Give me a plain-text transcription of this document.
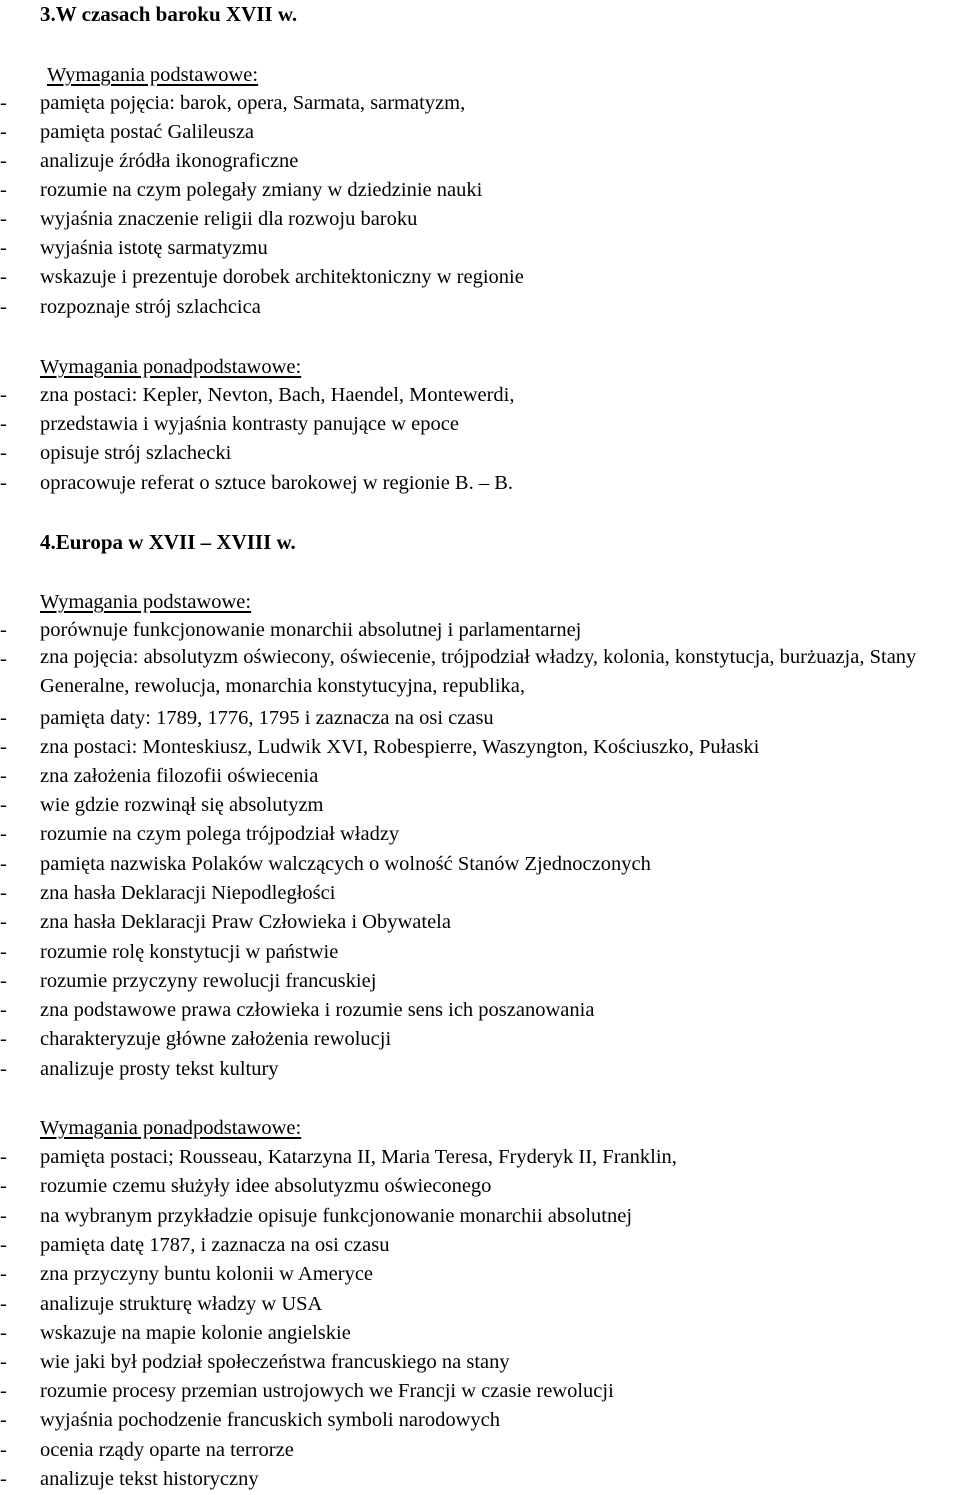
3.W czasach baroku XVII w.
Wymagania podstawowe:
- pamięta pojęcia: barok, opera, Sarmata, sarmatyzm,
- pamięta postać Galileusza
- analizuje źródła ikonograficzne
- rozumie na czym polegały zmiany w dziedzinie nauki
- wyjaśnia znaczenie religii dla rozwoju baroku
- wyjaśnia istotę sarmatyzmu
- wskazuje i prezentuje dorobek architektoniczny w regionie
- rozpoznaje strój szlachcica
Wymagania ponadpodstawowe:
- zna postaci: Kepler, Nevton, Bach, Haendel, Montewerdi,
- przedstawia i wyjaśnia kontrasty panujące w epoce
- opisuje strój szlachecki
- opracowuje referat o sztuce barokowej w regionie B. – B.
4.Europa w XVII – XVIII w.
Wymagania podstawowe:
- porównuje funkcjonowanie monarchii absolutnej i parlamentarnej
- zna pojęcia: absolutyzm oświecony, oświecenie, trójpodział władzy, kolonia, konstytucja, burżuazja, Stany Generalne, rewolucja, monarchia konstytucyjna, republika,
- pamięta daty: 1789, 1776, 1795 i zaznacza na osi czasu
- zna postaci: Monteskiusz, Ludwik XVI, Robespierre, Waszyngton, Kościuszko, Pułaski
- zna założenia filozofii oświecenia
- wie gdzie rozwinął się absolutyzm
- rozumie na czym polega trójpodział władzy
- pamięta nazwiska Polaków walczących o wolność Stanów Zjednoczonych
- zna hasła Deklaracji Niepodległości
- zna hasła Deklaracji Praw Człowieka i Obywatela
- rozumie rolę konstytucji w państwie
- rozumie przyczyny rewolucji francuskiej
- zna podstawowe prawa człowieka i rozumie sens ich poszanowania
- charakteryzuje główne założenia rewolucji
- analizuje prosty tekst kultury
Wymagania ponadpodstawowe:
- pamięta postaci; Rousseau, Katarzyna II, Maria Teresa, Fryderyk II, Franklin,
- rozumie czemu służyły idee absolutyzmu oświeconego
- na wybranym przykładzie opisuje funkcjonowanie monarchii absolutnej
- pamięta datę 1787, i zaznacza na osi czasu
- zna przyczyny buntu kolonii w Ameryce
- analizuje strukturę władzy w USA
- wskazuje na mapie kolonie angielskie
- wie jaki był podział społeczeństwa francuskiego na stany
- rozumie procesy przemian ustrojowych we Francji w czasie rewolucji
- wyjaśnia pochodzenie francuskich symboli narodowych
- ocenia rządy oparte na terrorze
- analizuje tekst historyczny
